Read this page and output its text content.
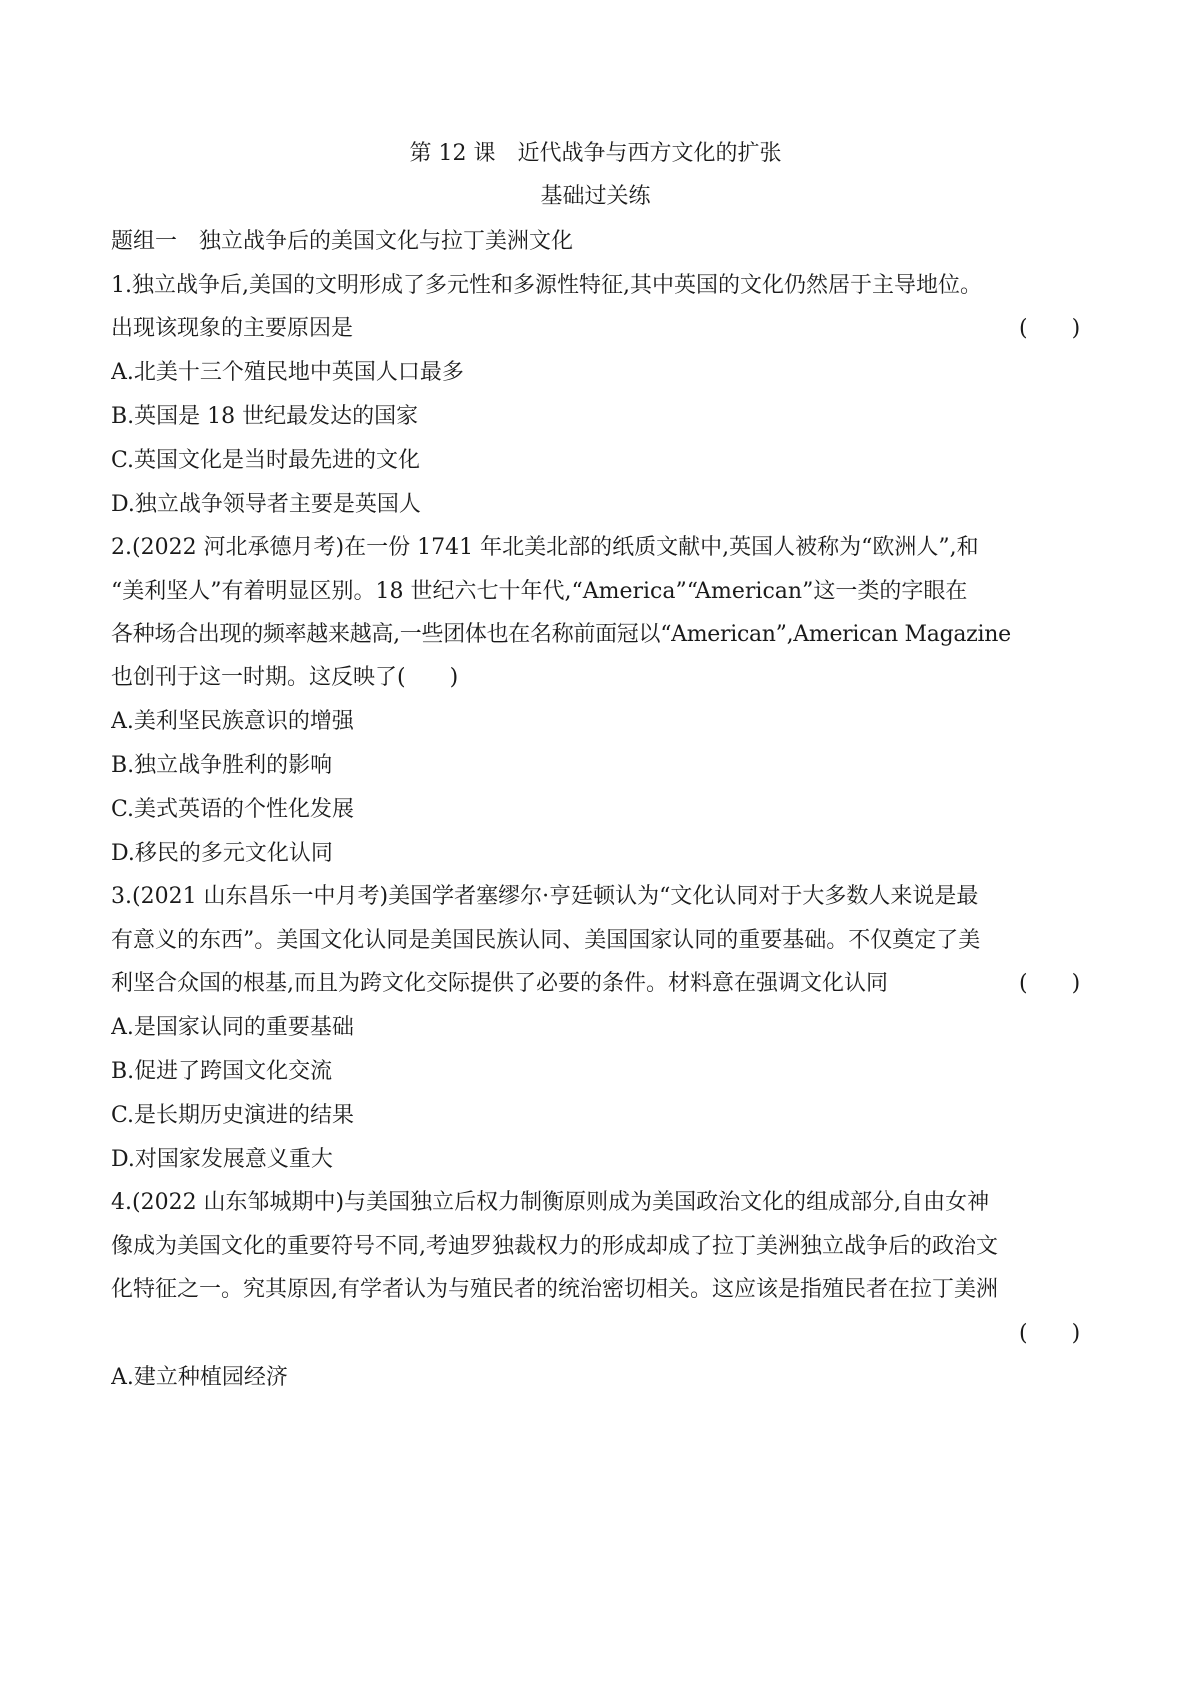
第 12 课　近代战争与西方文化的扩张
基础过关练
题组一　独立战争后的美国文化与拉丁美洲文化
1.独立战争后,美国的文明形成了多元性和多源性特征,其中英国的文化仍然居于主导地位。
出现该现象的主要原因是	(　　)
A.北美十三个殖民地中英国人口最多
B.英国是 18 世纪最发达的国家
C.英国文化是当时最先进的文化
D.独立战争领导者主要是英国人
2.(2022 河北承德月考)在一份 1741 年北美北部的纸质文献中,英国人被称为“欧洲人”,和
“美利坚人”有着明显区别。18 世纪六七十年代,“America”“American”这一类的字眼在
各种场合出现的频率越来越高,一些团体也在名称前面冠以“American”,American Magazine
也创刊于这一时期。这反映了(　　)
A.美利坚民族意识的增强
B.独立战争胜利的影响
C.美式英语的个性化发展
D.移民的多元文化认同
3.(2021 山东昌乐一中月考)美国学者塞缪尔·亨廷顿认为“文化认同对于大多数人来说是最
有意义的东西”。美国文化认同是美国民族认同、美国国家认同的重要基础。不仅奠定了美
利坚合众国的根基,而且为跨文化交际提供了必要的条件。材料意在强调文化认同	(　　)
A.是国家认同的重要基础
B.促进了跨国文化交流
C.是长期历史演进的结果
D.对国家发展意义重大
4.(2022 山东邹城期中)与美国独立后权力制衡原则成为美国政治文化的组成部分,自由女神
像成为美国文化的重要符号不同,考迪罗独裁权力的形成却成了拉丁美洲独立战争后的政治文
化特征之一。究其原因,有学者认为与殖民者的统治密切相关。这应该是指殖民者在拉丁美洲
(　　)
A.建立种植园经济
